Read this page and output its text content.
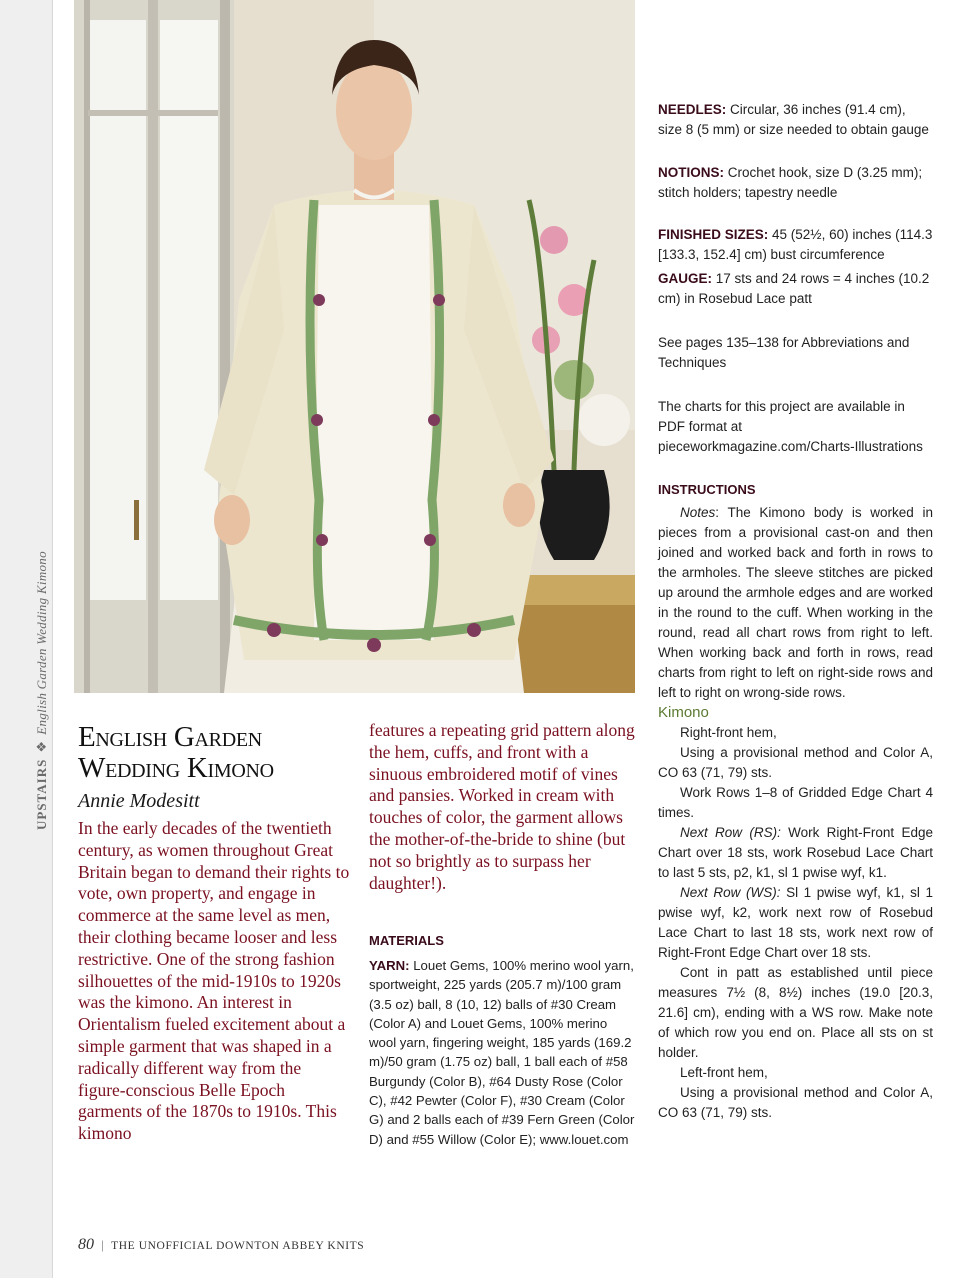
UPSTAIRS❖English Garden Wedding Kimono
NEEDLES: Circular, 36 inches (91.4 cm), size 8 (5 mm) or size needed to obtain gauge
NOTIONS: Crochet hook, size D (3.25 mm); stitch holders; tapestry needle
FINISHED SIZES: 45 (52½, 60) inches (114.3 [133.3, 152.4] cm) bust circumference
GAUGE: 17 sts and 24 rows = 4 inches (10.2 cm) in Rosebud Lace patt
See pages 135–138 for Abbreviations and Techniques
The charts for this project are available in PDF format at pieceworkmagazine.com/Charts-Illustrations
INSTRUCTIONS

Notes: The Kimono body is worked in pieces from a provisional cast-on and then joined and worked back and forth in rows to the armholes. The sleeve stitches are picked up around the armhole edges and are worked in the round to the cuff. When working in the round, read all chart rows from right to left. When working back and forth in rows, read charts from right to left on right-side rows and left to right on wrong-side rows.

Kimono

Right-front hem,

Using a provisional method and Color A, CO 63 (71, 79) sts.

Work Rows 1–8 of Gridded Edge Chart 4 times.

Next Row (RS): Work Right-Front Edge Chart over 18 sts, work Rosebud Lace Chart to last 5 sts, p2, k1, sl 1 pwise wyf, k1.

Next Row (WS): Sl 1 pwise wyf, k1, sl 1 pwise wyf, k2, work next row of Rosebud Lace Chart to last 18 sts, work next row of Right-Front Edge Chart over 18 sts.

Cont in patt as established until piece measures 7½ (8, 8½) inches (19.0 [20.3, 21.6] cm), ending with a WS row. Make note of which row you end on. Place all sts on st holder.

Left-front hem,

Using a provisional method and Color A, CO 63 (71, 79) sts.

English Garden
Wedding Kimono
Annie Modesitt
In the early decades of the twentieth century, as women throughout Great Britain began to demand their rights to vote, own property, and engage in commerce at the same level as men, their clothing became looser and less restrictive. One of the strong fashion silhouettes of the mid-1910s to 1920s was the kimono. An interest in Orientalism fueled excitement about a simple garment that was shaped in a radically different way from the figure-conscious Belle Epoch garments of the 1870s to 1910s. This kimono
features a repeating grid pattern along the hem, cuffs, and front with a sinuous embroidered motif of vines and pansies. Worked in cream with touches of color, the garment allows the mother-of-the-bride to shine (but not so brightly as to surpass her daughter!).
MATERIALS
YARN: Louet Gems, 100% merino wool yarn, sportweight, 225 yards (205.7 m)/100 gram (3.5 oz) ball, 8 (10, 12) balls of #30 Cream (Color A) and Louet Gems, 100% merino wool yarn, fingering weight, 185 yards (169.2 m)/50 gram (1.75 oz) ball, 1 ball each of #58 Burgundy (Color B), #64 Dusty Rose (Color C), #42 Pewter (Color F), #30 Cream (Color G) and 2 balls each of #39 Fern Green (Color D) and #55 Willow (Color E); www.louet.com
80 | THE UNOFFICIAL DOWNTON ABBEY KNITS
